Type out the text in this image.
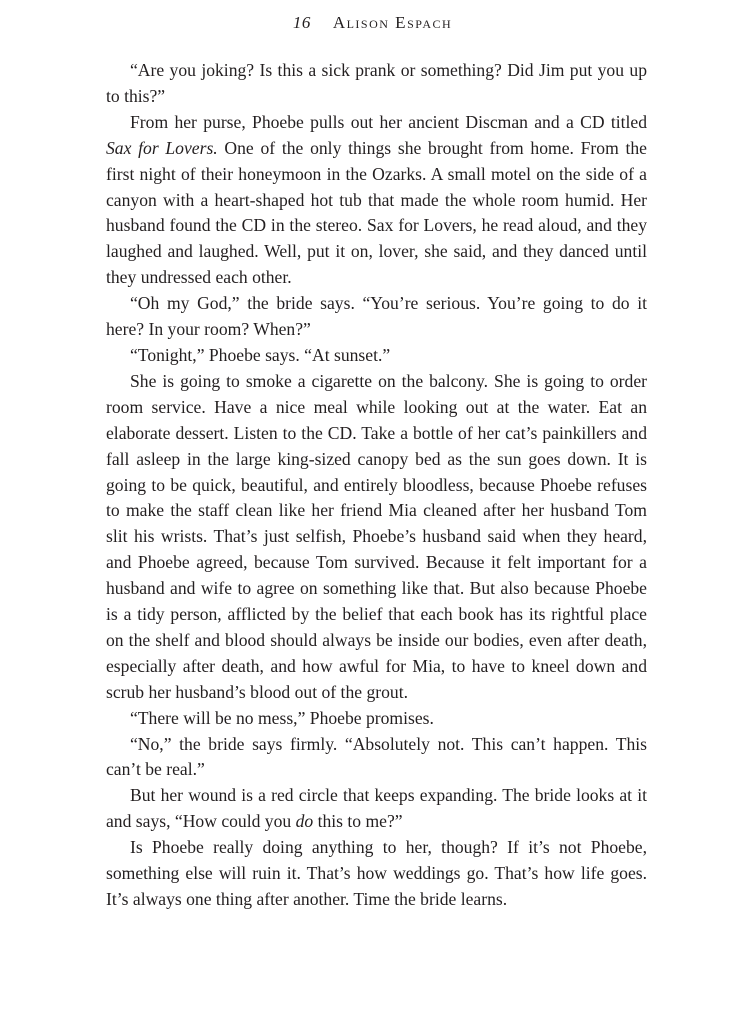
16 Alison Espach

“Are you joking? Is this a sick prank or something? Did Jim put you up to this?”

From her purse, Phoebe pulls out her ancient Discman and a CD titled Sax for Lovers. One of the only things she brought from home. From the first night of their honeymoon in the Ozarks. A small motel on the side of a canyon with a heart-shaped hot tub that made the whole room humid. Her husband found the CD in the stereo. Sax for Lovers, he read aloud, and they laughed and laughed. Well, put it on, lover, she said, and they danced until they undressed each other.

“Oh my God,” the bride says. “You’re serious. You’re going to do it here? In your room? When?”

“Tonight,” Phoebe says. “At sunset.”

She is going to smoke a cigarette on the balcony. She is going to order room service. Have a nice meal while looking out at the water. Eat an elaborate dessert. Listen to the CD. Take a bottle of her cat’s painkillers and fall asleep in the large king-sized canopy bed as the sun goes down. It is going to be quick, beautiful, and entirely bloodless, because Phoebe refuses to make the staff clean like her friend Mia cleaned after her husband Tom slit his wrists. That’s just selfish, Phoebe’s husband said when they heard, and Phoebe agreed, because Tom survived. Because it felt important for a husband and wife to agree on something like that. But also because Phoebe is a tidy person, afflicted by the belief that each book has its rightful place on the shelf and blood should always be inside our bodies, even after death, especially after death, and how awful for Mia, to have to kneel down and scrub her husband’s blood out of the grout.

“There will be no mess,” Phoebe promises.

“No,” the bride says firmly. “Absolutely not. This can’t happen. This can’t be real.”

But her wound is a red circle that keeps expanding. The bride looks at it and says, “How could you do this to me?”

Is Phoebe really doing anything to her, though? If it’s not Phoebe, something else will ruin it. That’s how weddings go. That’s how life goes. It’s always one thing after another. Time the bride learns.
